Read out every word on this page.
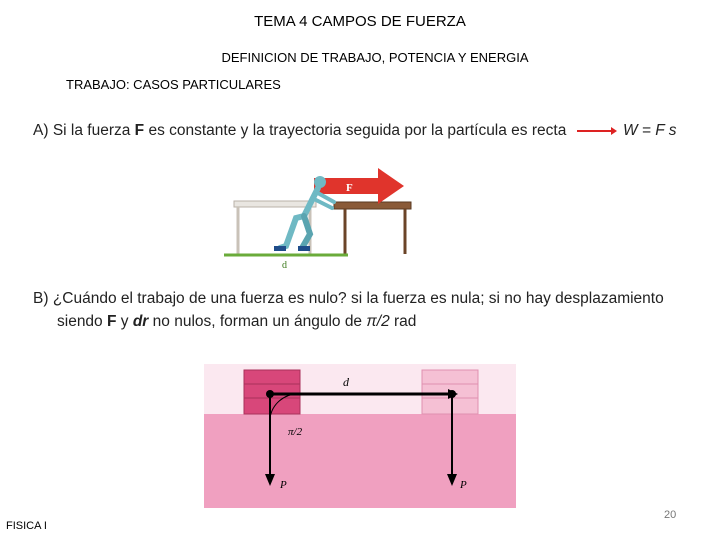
TEMA 4 CAMPOS DE FUERZA
DEFINICION DE TRABAJO, POTENCIA Y ENERGIA
TRABAJO: CASOS PARTICULARES
A) Si la fuerza F es constante y la trayectoria seguida por la partícula es recta	W = F s
F
d
B) ¿Cuándo el trabajo de una fuerza es nulo? si la fuerza es nula; si no hay desplazamiento
siendo F y dr no nulos, forman un ángulo de π/2 rad
d
π/2
P	P
FISICA I
20
